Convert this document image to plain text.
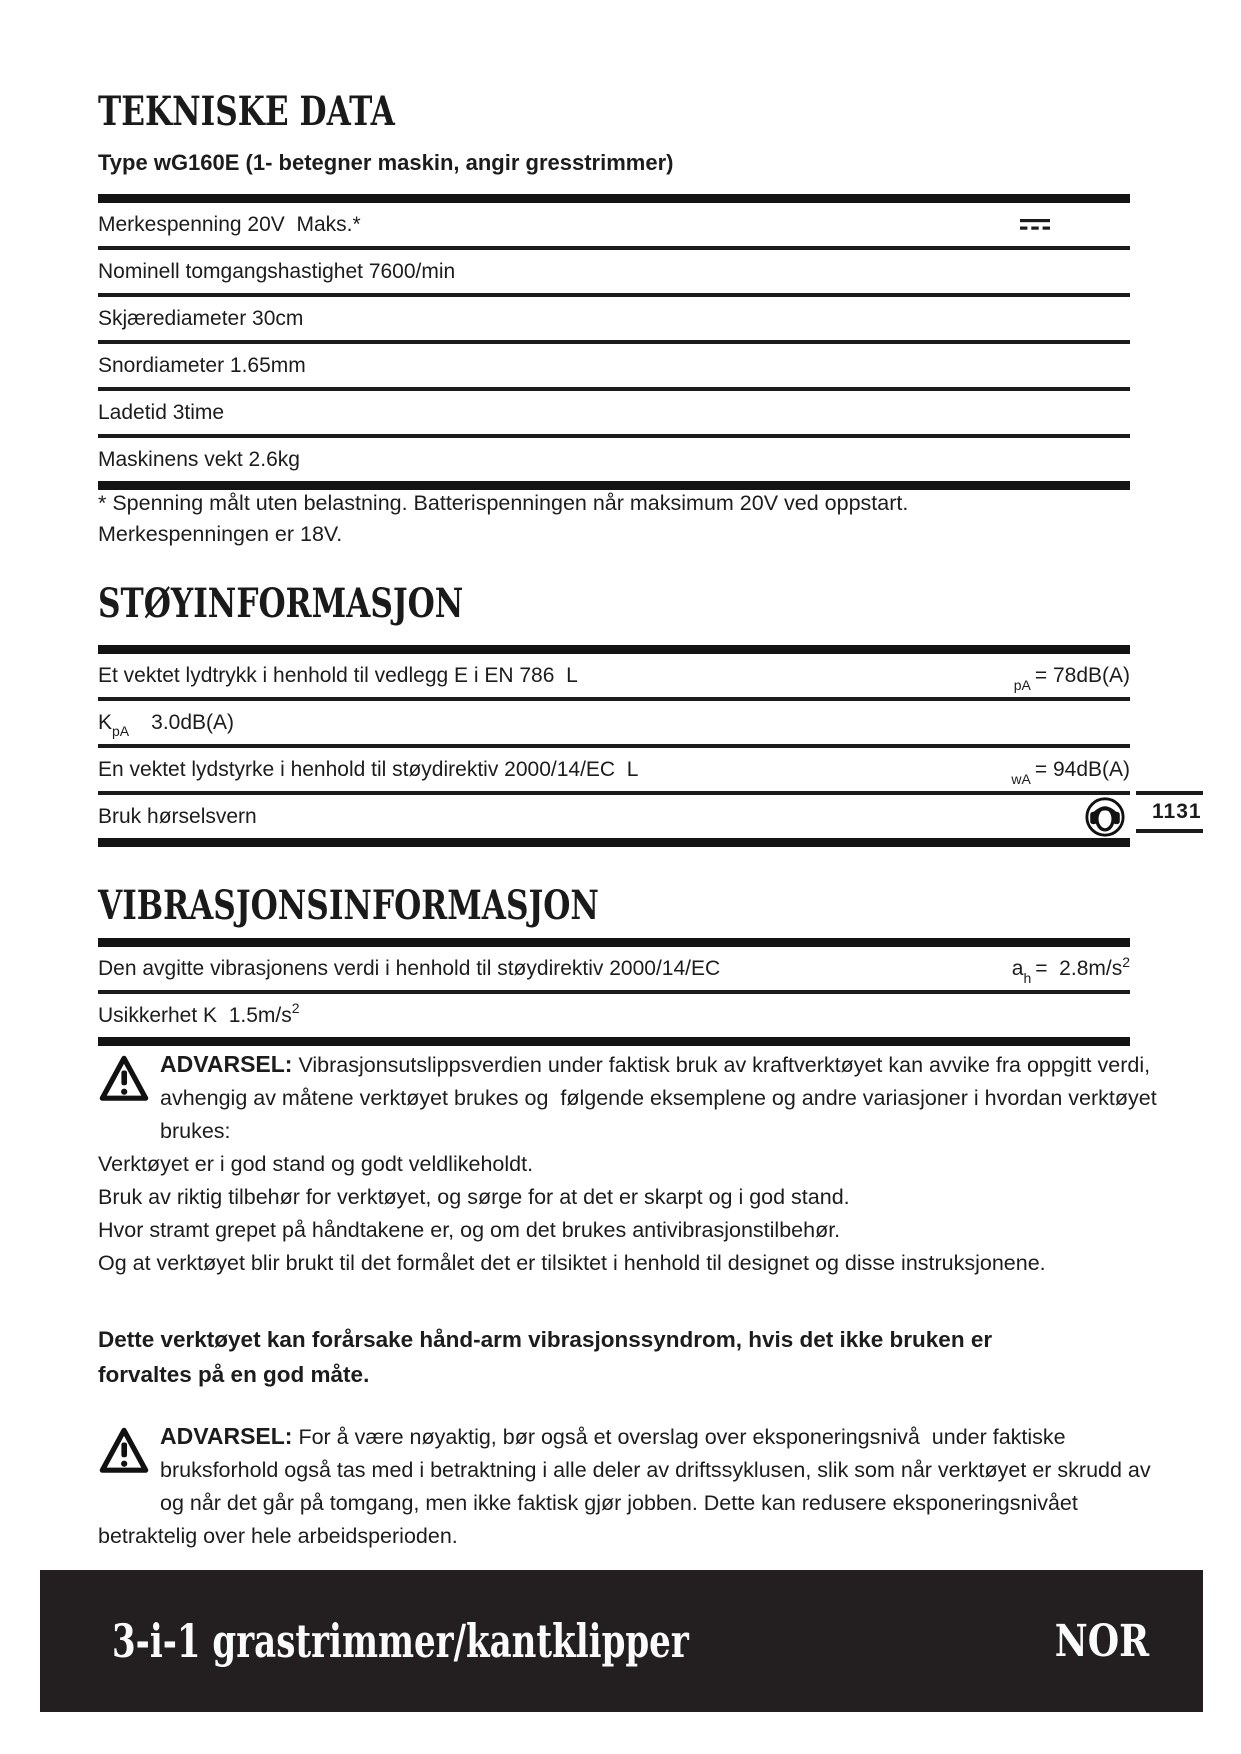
TEKNISKE DATA
Type wG160E (1- betegner maskin, angir gresstrimmer)
Merkespenning 20V  Maks.*
Nominell tomgangshastighet 7600/min
Skjærediameter 30cm
Snordiameter 1.65mm
Ladetid 3time
Maskinens vekt 2.6kg
* Spenning målt uten belastning. Batterispenningen når maksimum 20V ved oppstart.
Merkespenningen er 18V.
STØYINFORMASJON
Et vektet lydtrykk i henhold til vedlegg E i EN 786  L	$_{pA}$ = 78dB(A)
K pA 3.0dB(A)
En vektet lydstyrke i henhold til støydirektiv 2000/14/EC  L	$_{wA}$ = 94dB(A)
Bruk hørselsvern	1131
VIBRASJONSINFORMASJON
Den avgitte vibrasjonens verdi i henhold til støydirektiv 2000/14/EC	$a_h = 2.8m/s^2$
Usikkerhet K  1.5m/s 2
ADVARSEL: Vibrasjonsutslippsverdien under faktisk bruk av kraftverktøyet kan avvike fra oppgitt verdi, avhengig av måtene verktøyet brukes og  følgende eksemplene og andre variasjoner i hvordan verktøyet brukes:
Verktøyet er i god stand og godt veldlikeholdt.
Bruk av riktig tilbehør for verktøyet, og sørge for at det er skarpt og i god stand.
Hvor stramt grepet på håndtakene er, og om det brukes antivibrasjonstilbehør.
Og at verktøyet blir brukt til det formålet det er tilsiktet i henhold til designet og disse instruksjonene.
Dette verktøyet kan forårsake hånd-arm vibrasjonssyndrom, hvis det ikke bruken er forvaltes på en god måte.
ADVARSEL: For å være nøyaktig, bør også et overslag over eksponeringsnivå  under faktiske bruksforhold også tas med i betraktning i alle deler av driftssyklusen, slik som når verktøyet er skrudd av og når det går på tomgang, men ikke faktisk gjør jobben. Dette kan redusere eksponeringsnivået betraktelig over hele arbeidsperioden.
3-i-1 grastrimmer/kantklipper	NOR
